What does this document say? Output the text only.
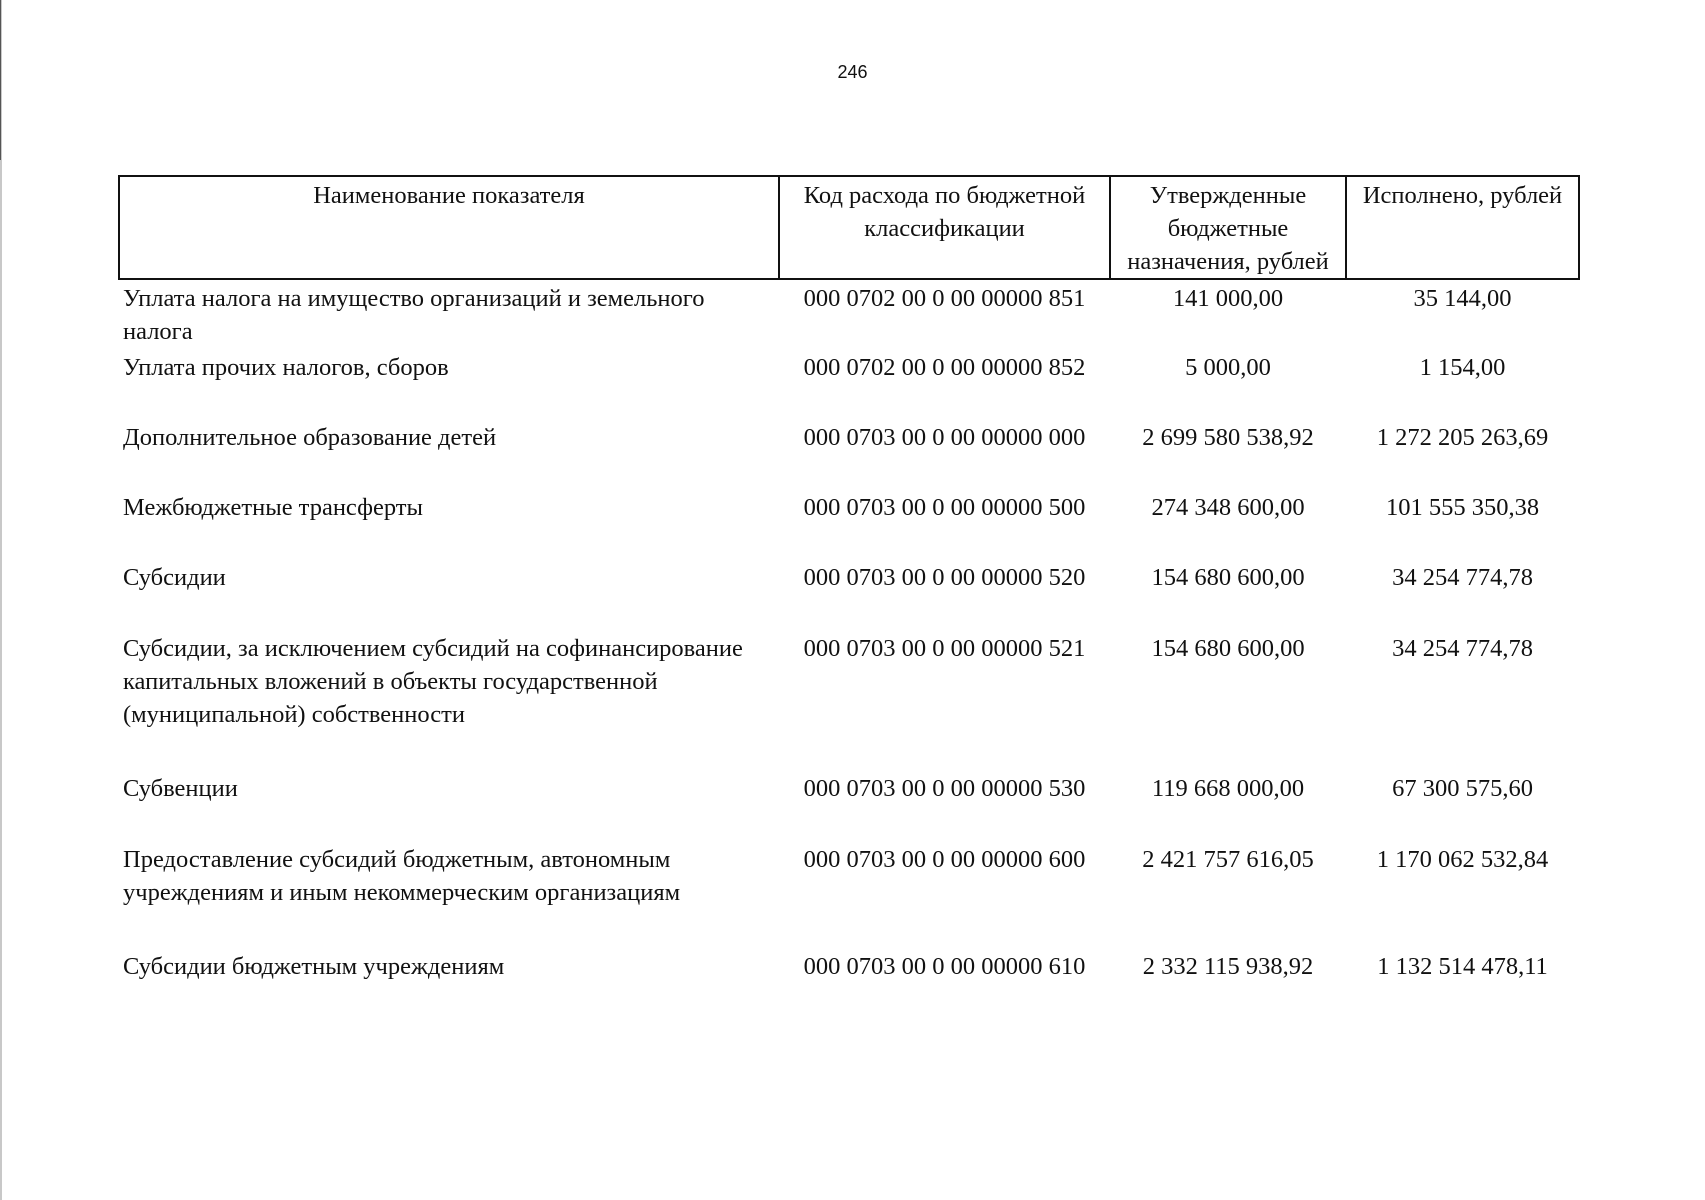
246
Наименование показателя	Код расхода по бюджетной классификации	Утвержденные бюджетные назначения, рублей	Исполнено, рублей
Уплата налога на имущество организаций и земельного налога	000 0702 00 0 00 00000 851	141 000,00	35 144,00
Уплата прочих налогов, сборов	000 0702 00 0 00 00000 852	5 000,00	1 154,00
Дополнительное образование детей	000 0703 00 0 00 00000 000	2 699 580 538,92	1 272 205 263,69
Межбюджетные трансферты	000 0703 00 0 00 00000 500	274 348 600,00	101 555 350,38
Субсидии	000 0703 00 0 00 00000 520	154 680 600,00	34 254 774,78
Субсидии, за исключением субсидий на софинансирование капитальных вложений в объекты государственной (муниципальной) собственности	000 0703 00 0 00 00000 521	154 680 600,00	34 254 774,78
Субвенции	000 0703 00 0 00 00000 530	119 668 000,00	67 300 575,60
Предоставление субсидий бюджетным, автономным учреждениям и иным некоммерческим организациям	000 0703 00 0 00 00000 600	2 421 757 616,05	1 170 062 532,84
Субсидии бюджетным учреждениям	000 0703 00 0 00 00000 610	2 332 115 938,92	1 132 514 478,11
